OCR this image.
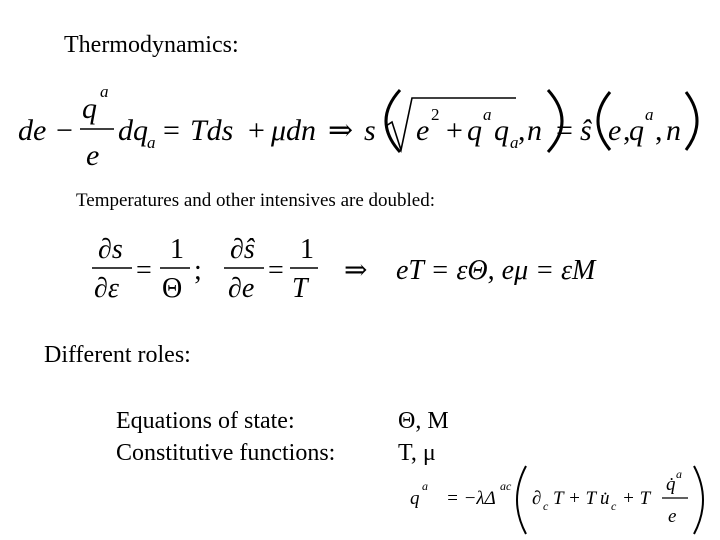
Thermodynamics:
de −
q
a
e
dq a = Tds + μdn ⇒ s e 2 + q a q a , n = ŝ e ,
q a , n
Temperatures and other intensives are doubled:
∂s
∂ε
=
1
Θ
;
∂ŝ
∂e
=
1
T
⇒ eT = εΘ, eμ = εM
Different roles:
Equations of state:	Θ, M
Constitutive functions:	T, μ
q
a
= −λΔ
ac
∂ c T + T u̇ c + T
q̇ a
e
